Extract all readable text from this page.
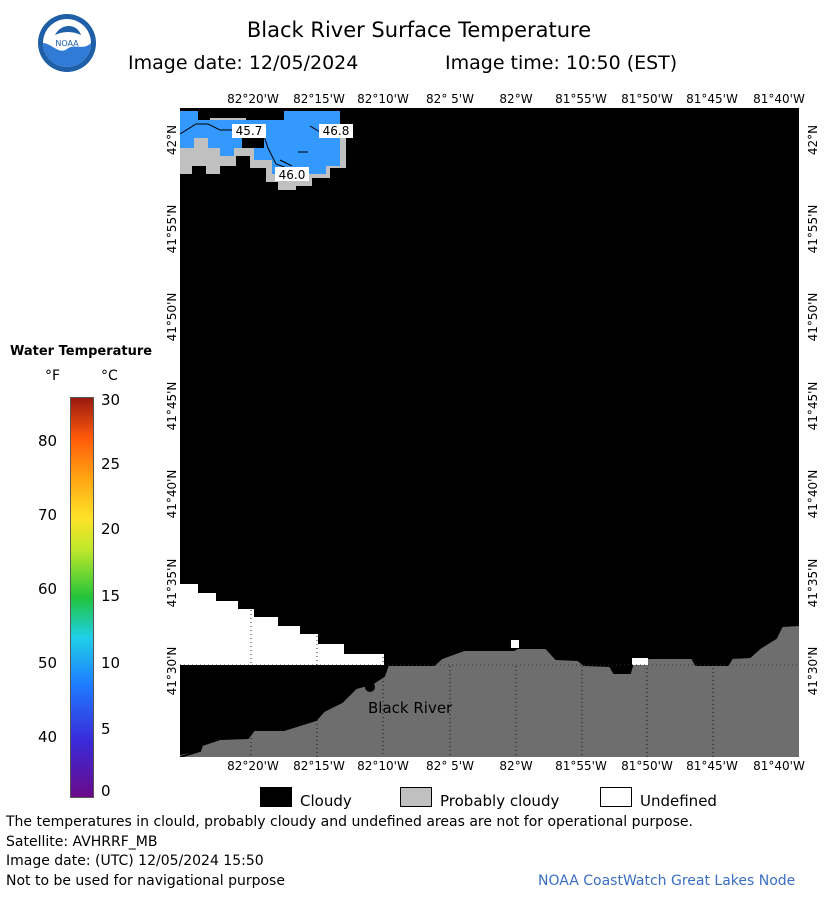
NOAA
Black River Surface Temperature
Image date: 12/05/2024	Image time: 10:50 (EST)
82°20'W	82°15'W	82°10'W	82° 5'W	82°W	81°55'W	81°50'W	81°45'W	81°40'W
82°20'W	82°15'W	82°10'W	82° 5'W	82°W	81°55'W	81°50'W	81°45'W	81°40'W
42°N
41°55'N
41°50'N
41°45'N
41°40'N
41°35'N
41°30'N
42°N
41°55'N
41°50'N
41°45'N
41°40'N
41°35'N
41°30'N
45.7	46.8
46.0
Black River
Water Temperature
°F	°C
80
70
60
50
40
30
25
20
15
10
5
0
Cloudy	Probably cloudy	Undefined
The temperatures in clould, probably cloudy and undefined areas are not for operational purpose.
Satellite: AVHRRF_MB
Image date: (UTC) 12/05/2024 15:50
Not to be used for navigational purpose	NOAA CoastWatch Great Lakes Node
